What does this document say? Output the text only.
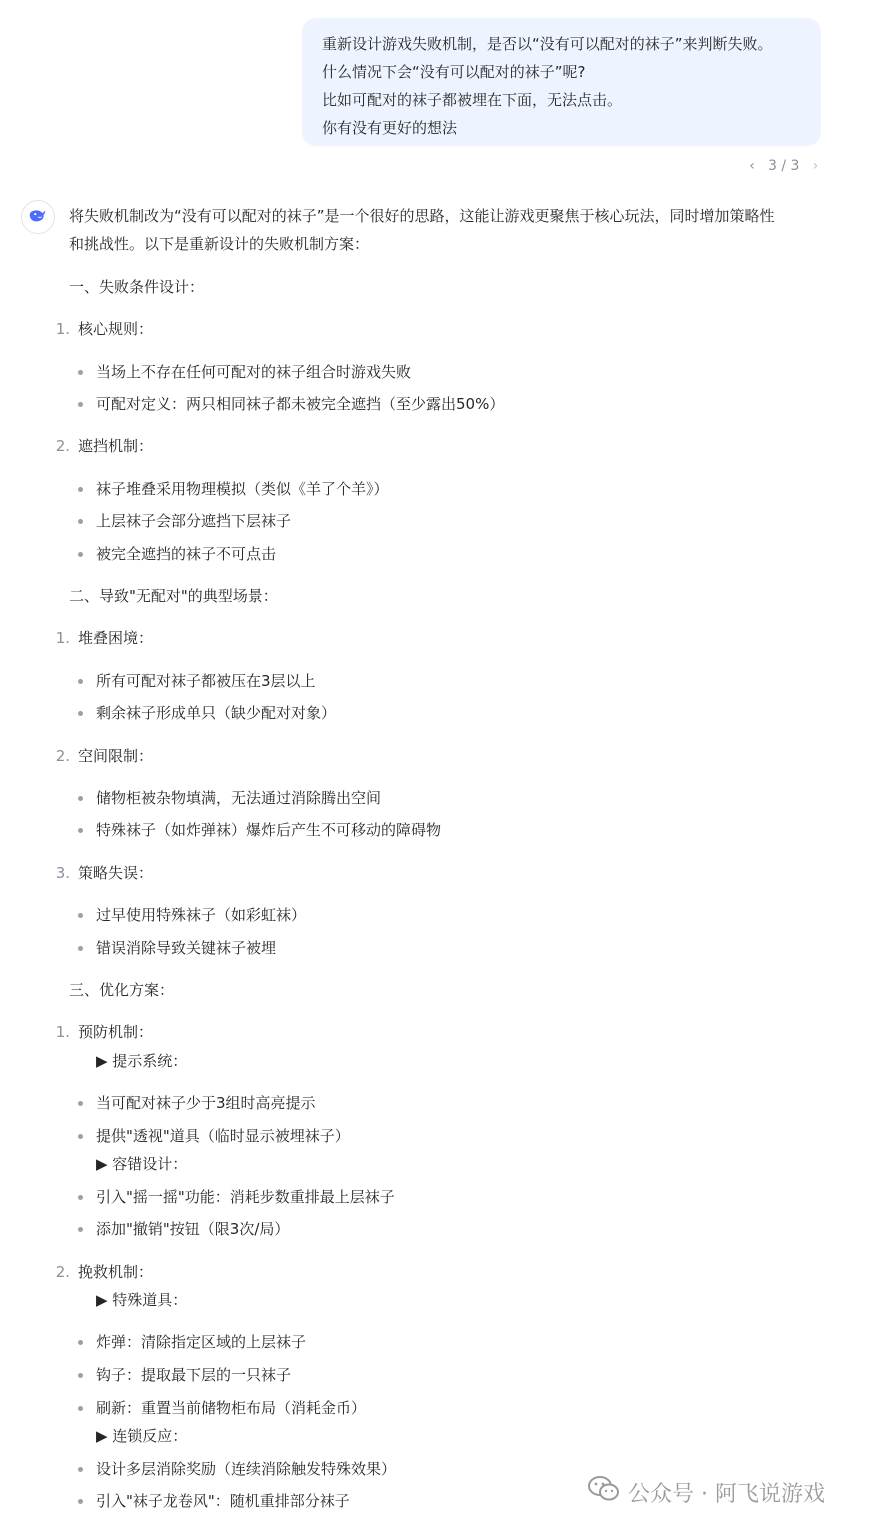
重新设计游戏失败机制，是否以“没有可以配对的袜子”来判断失败。
什么情况下会“没有可以配对的袜子”呢?
比如可配对的袜子都被埋在下面，无法点击。
你有没有更好的想法
‹ 3 / 3 ›
将失败机制改为“没有可以配对的袜子”是一个很好的思路，这能让游戏更聚焦于核心玩法，同时增加策略性
和挑战性。以下是重新设计的失败机制方案：
一、失败条件设计：
1. 核心规则：
当场上不存在任何可配对的袜子组合时游戏失败
可配对定义：两只相同袜子都未被完全遮挡（至少露出50%）
2. 遮挡机制：
袜子堆叠采用物理模拟（类似《羊了个羊》）
上层袜子会部分遮挡下层袜子
被完全遮挡的袜子不可点击
二、导致"无配对"的典型场景：
1. 堆叠困境：
所有可配对袜子都被压在3层以上
剩余袜子形成单只（缺少配对对象）
2. 空间限制：
储物柜被杂物填满，无法通过消除腾出空间
特殊袜子（如炸弹袜）爆炸后产生不可移动的障碍物
3. 策略失误：
过早使用特殊袜子（如彩虹袜）
错误消除导致关键袜子被埋
三、优化方案：
1. 预防机制：
▶ 提示系统：
当可配对袜子少于3组时高亮提示
提供"透视"道具（临时显示被埋袜子）
▶ 容错设计：
引入"摇一摇"功能：消耗步数重排最上层袜子
添加"撤销"按钮（限3次/局）
2. 挽救机制：
▶ 特殊道具：
炸弹：清除指定区域的上层袜子
钩子：提取最下层的一只袜子
刷新：重置当前储物柜布局（消耗金币）
▶ 连锁反应：
设计多层消除奖励（连续消除触发特殊效果）
引入"袜子龙卷风"：随机重排部分袜子	公众号 · 阿飞说游戏
